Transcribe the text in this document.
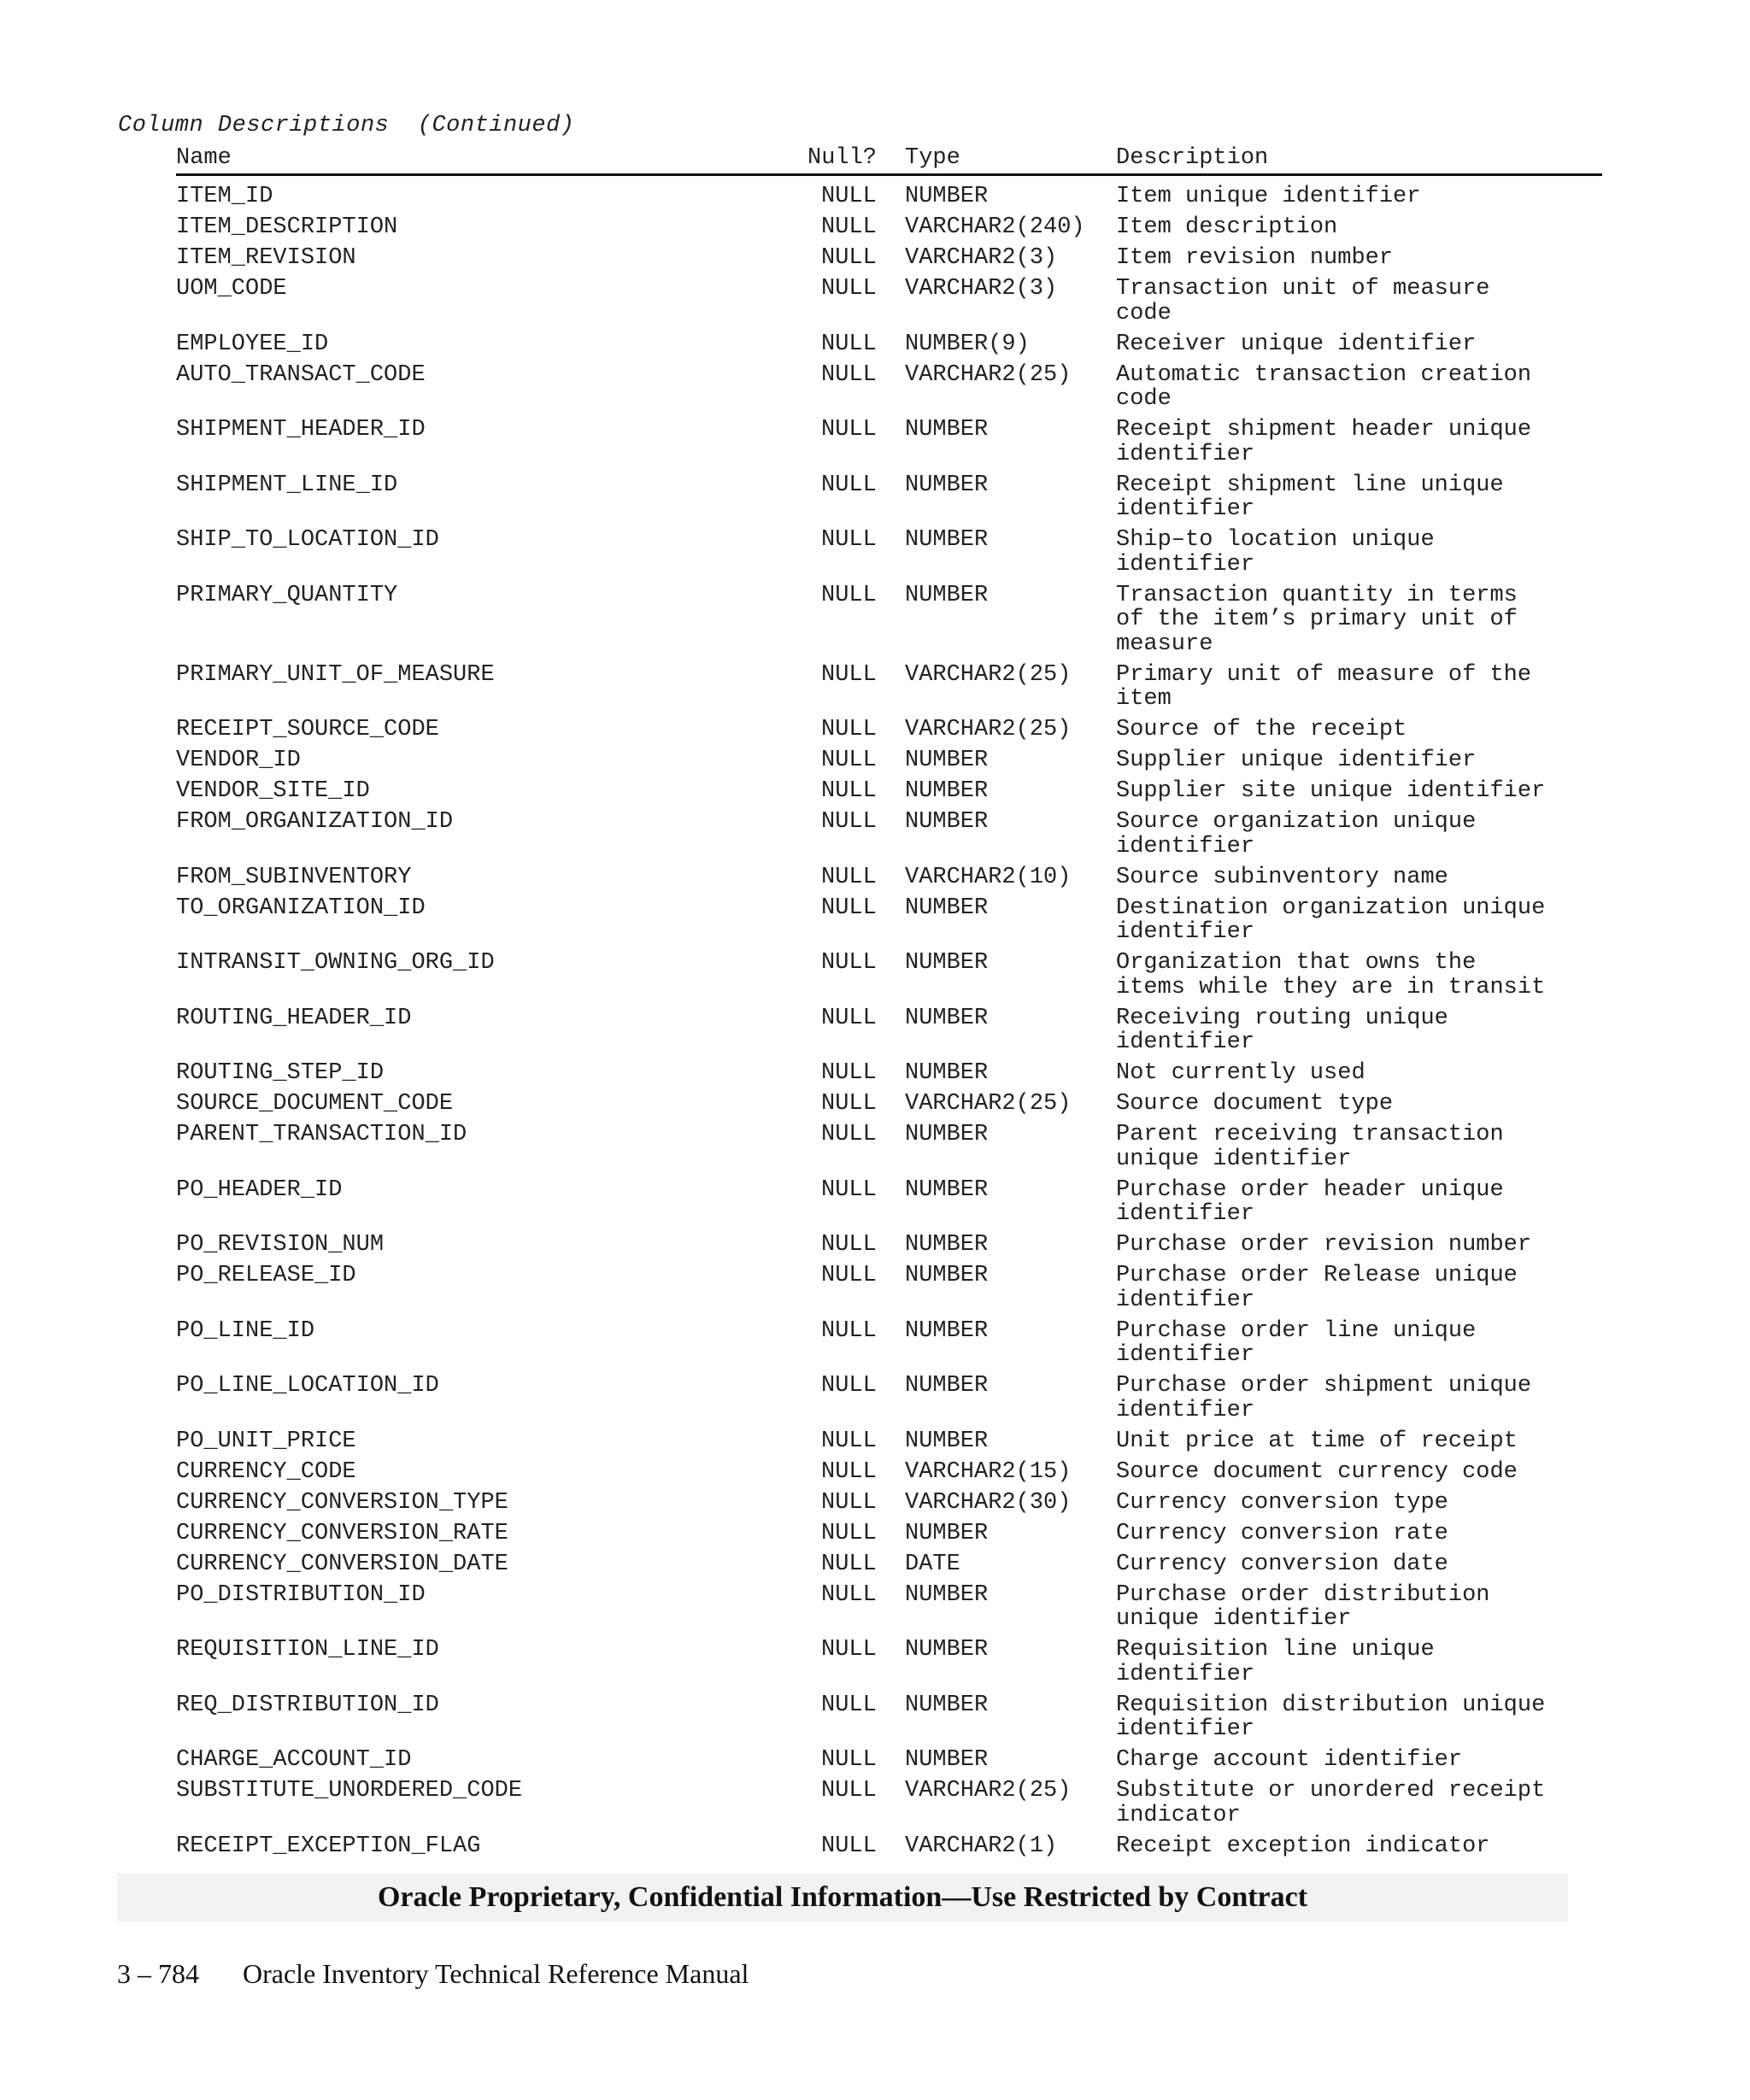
Column Descriptions (Continued)
Name	Null? Type	Description
ITEM_ID	NULL NUMBER	Item unique identifier
ITEM_DESCRIPTION	NULL VARCHAR2(240) Item description
ITEM_REVISION	NULL VARCHAR2(3)	Item revision number
UOM_CODE	NULL VARCHAR2(3)	Transaction unit of measure
code
EMPLOYEE_ID	NULL NUMBER(9)	Receiver unique identifier
AUTO_TRANSACT_CODE	NULL VARCHAR2(25) Automatic transaction creation
code
SHIPMENT_HEADER_ID	NULL NUMBER	Receipt shipment header unique
identifier
SHIPMENT_LINE_ID	NULL NUMBER	Receipt shipment line unique
identifier
SHIP_TO_LOCATION_ID	NULL NUMBER	Ship–to location unique
identifier
PRIMARY_QUANTITY	NULL NUMBER	Transaction quantity in terms
of the item’s primary unit of
measure
PRIMARY_UNIT_OF_MEASURE	NULL VARCHAR2(25) Primary unit of measure of the
item
RECEIPT_SOURCE_CODE	NULL VARCHAR2(25) Source of the receipt
VENDOR_ID	NULL NUMBER	Supplier unique identifier
VENDOR_SITE_ID	NULL NUMBER	Supplier site unique identifier
FROM_ORGANIZATION_ID	NULL NUMBER	Source organization unique
identifier
FROM_SUBINVENTORY	NULL VARCHAR2(10) Source subinventory name
TO_ORGANIZATION_ID	NULL NUMBER	Destination organization unique
identifier
INTRANSIT_OWNING_ORG_ID	NULL NUMBER	Organization that owns the
items while they are in transit
ROUTING_HEADER_ID	NULL NUMBER	Receiving routing unique
identifier
ROUTING_STEP_ID	NULL NUMBER	Not currently used
SOURCE_DOCUMENT_CODE	NULL VARCHAR2(25) Source document type
PARENT_TRANSACTION_ID	NULL NUMBER	Parent receiving transaction
unique identifier
PO_HEADER_ID	NULL NUMBER	Purchase order header unique
identifier
PO_REVISION_NUM	NULL NUMBER	Purchase order revision number
PO_RELEASE_ID	NULL NUMBER	Purchase order Release unique
identifier
PO_LINE_ID	NULL NUMBER	Purchase order line unique
identifier
PO_LINE_LOCATION_ID	NULL NUMBER	Purchase order shipment unique
identifier
PO_UNIT_PRICE	NULL NUMBER	Unit price at time of receipt
CURRENCY_CODE	NULL VARCHAR2(15) Source document currency code
CURRENCY_CONVERSION_TYPE	NULL VARCHAR2(30) Currency conversion type
CURRENCY_CONVERSION_RATE	NULL NUMBER	Currency conversion rate
CURRENCY_CONVERSION_DATE	NULL DATE	Currency conversion date
PO_DISTRIBUTION_ID	NULL NUMBER	Purchase order distribution
unique identifier
REQUISITION_LINE_ID	NULL NUMBER	Requisition line unique
identifier
REQ_DISTRIBUTION_ID	NULL NUMBER	Requisition distribution unique
identifier
CHARGE_ACCOUNT_ID	NULL NUMBER	Charge account identifier
SUBSTITUTE_UNORDERED_CODE	NULL VARCHAR2(25) Substitute or unordered receipt
indicator
RECEIPT_EXCEPTION_FLAG	NULL VARCHAR2(1)	Receipt exception indicator
Oracle Proprietary, Confidential Information––Use Restricted by Contract
3 – 784 Oracle Inventory Technical Reference Manual
